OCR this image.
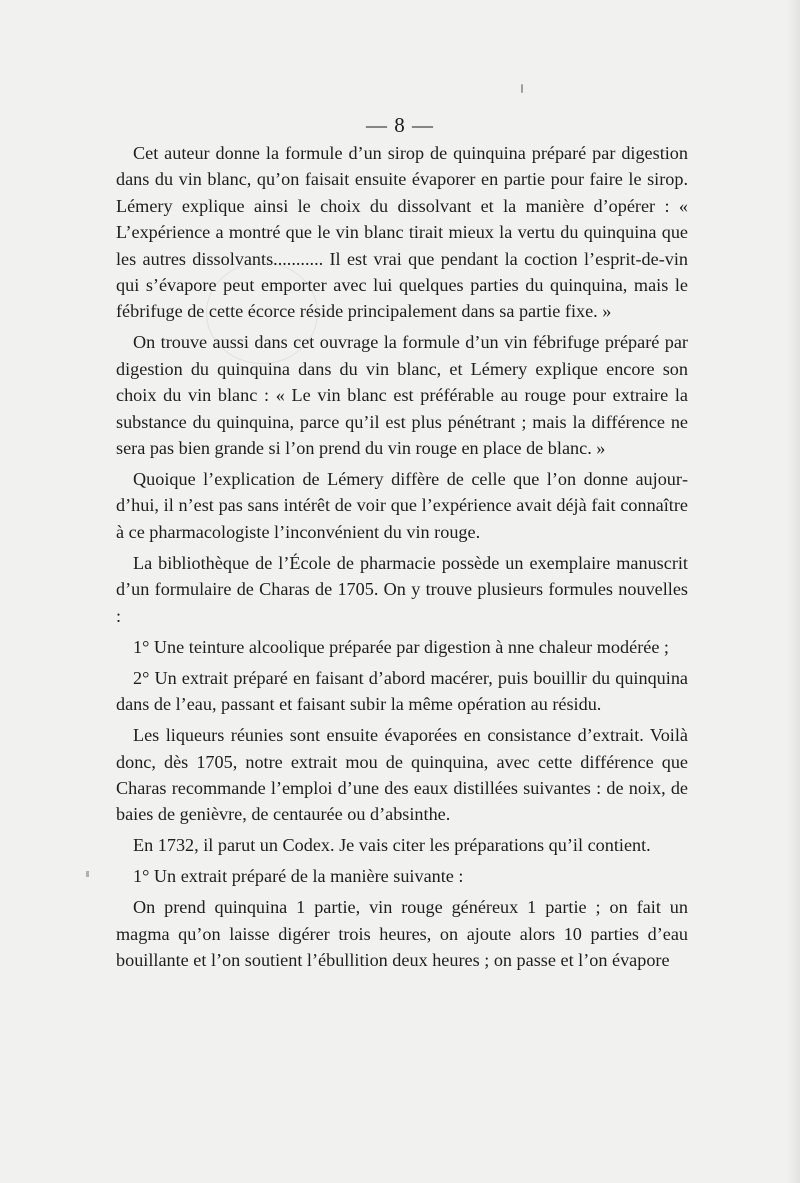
— 8 —

Cet auteur donne la formule d’un sirop de quinquina préparé par digestion dans du vin blanc, qu’on faisait ensuite évaporer en partie pour faire le sirop. Lémery explique ainsi le choix du dissolvant et la manière d’opérer : « L’expérience a montré que le vin blanc tirait mieux la vertu du quinquina que les autres dissolvants........... Il est vrai que pendant la coction l’esprit-de-vin qui s’évapore peut emporter avec lui quelques parties du quinquina, mais le fébrifuge de cette écorce réside principalement dans sa partie fixe. »

On trouve aussi dans cet ouvrage la formule d’un vin fébrifuge préparé par digestion du quinquina dans du vin blanc, et Lémery explique encore son choix du vin blanc : « Le vin blanc est préférable au rouge pour extraire la substance du quinquina, parce qu’il est plus pénétrant ; mais la différence ne sera pas bien grande si l’on prend du vin rouge en place de blanc. »

Quoique l’explication de Lémery diffère de celle que l’on donne aujourd’hui, il n’est pas sans intérêt de voir que l’expérience avait déjà fait connaître à ce pharmacologiste l’inconvénient du vin rouge.

La bibliothèque de l’École de pharmacie possède un exemplaire manuscrit d’un formulaire de Charas de 1705. On y trouve plusieurs formules nouvelles :

1° Une teinture alcoolique préparée par digestion à nne chaleur modérée ;

2° Un extrait préparé en faisant d’abord macérer, puis bouillir du quinquina dans de l’eau, passant et faisant subir la même opération au résidu.

Les liqueurs réunies sont ensuite évaporées en consistance d’extrait. Voilà donc, dès 1705, notre extrait mou de quinquina, avec cette différence que Charas recommande l’emploi d’une des eaux distillées suivantes : de noix, de baies de genièvre, de centaurée ou d’absinthe.

En 1732, il parut un Codex. Je vais citer les préparations qu’il contient.

1° Un extrait préparé de la manière suivante :

On prend quinquina 1 partie, vin rouge généreux 1 partie ; on fait un magma qu’on laisse digérer trois heures, on ajoute alors 10 parties d’eau bouillante et l’on soutient l’ébullition deux heures ; on passe et l’on évapore
